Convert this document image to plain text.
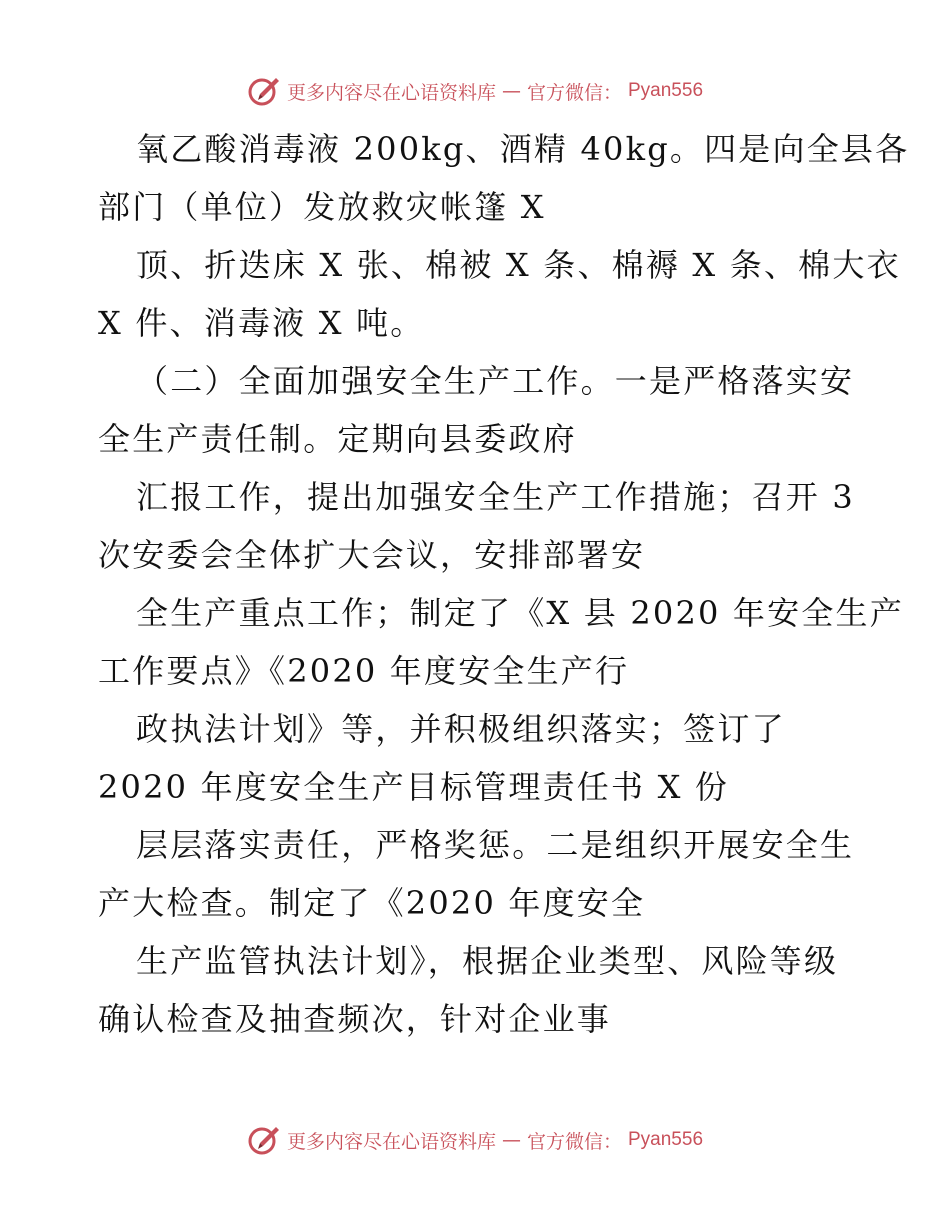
更多内容尽在心语资料库 — 官方微信： Pyan556
氧乙酸消毒液 200kg、酒精 40kg。四是向全县各
部门（单位）发放救灾帐篷 X
顶、折迭床 X 张、棉被 X 条、棉褥 X 条、棉大衣
X 件、消毒液 X 吨。
（二）全面加强安全生产工作。一是严格落实安
全生产责任制。定期向县委政府
汇报工作，提出加强安全生产工作措施；召开 3
次安委会全体扩大会议，安排部署安
全生产重点工作；制定了《X 县 2020 年安全生产
工作要点》《2020 年度安全生产行
政执法计划》等，并积极组织落实；签订了
2020 年度安全生产目标管理责任书 X 份
层层落实责任，严格奖惩。二是组织开展安全生
产大检查。制定了《2020 年度安全
生产监管执法计划》，根据企业类型、风险等级
确认检查及抽查频次，针对企业事
更多内容尽在心语资料库 — 官方微信： Pyan556
